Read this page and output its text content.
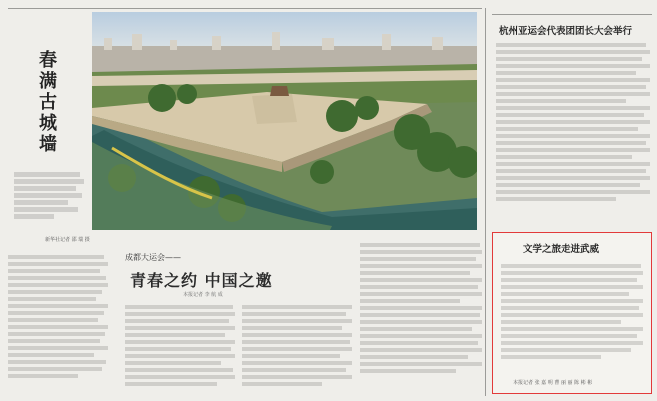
春
满
古
城
墙
新华社记者 邵 瑞 摄
成都大运会——
青春之约 中国之邀
本报记者 李 航 成
杭州亚运会代表团团长大会举行
文学之旅走进武威
本报记者 张 嘉 明 曹 丽 丽 陈 彬 彬
